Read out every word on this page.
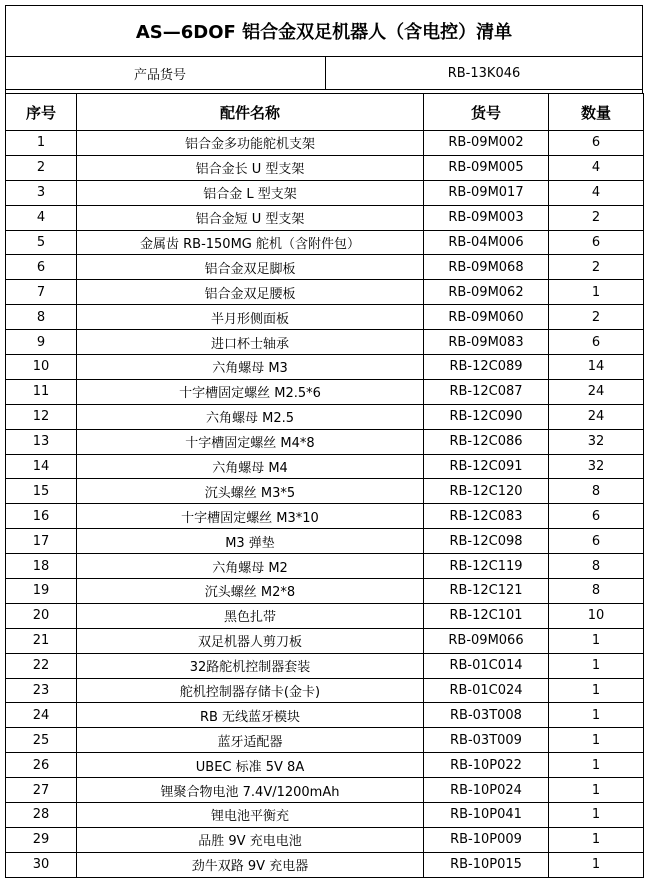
AS—6DOF 铝合金双足机器人（含电控）清单
产品货号	RB-13K046
序号	配件名称	货号	数量
1	铝合金多功能舵机支架	RB-09M002	6
2	铝合金长 U 型支架	RB-09M005	4
3	铝合金 L 型支架	RB-09M017	4
4	铝合金短 U 型支架	RB-09M003	2
5	金属齿 RB-150MG 舵机（含附件包）	RB-04M006	6
6	铝合金双足脚板	RB-09M068	2
7	铝合金双足腰板	RB-09M062	1
8	半月形侧面板	RB-09M060	2
9	进口杯士轴承	RB-09M083	6
10	六角螺母 M3	RB-12C089	14
11	十字槽固定螺丝 M2.5*6	RB-12C087	24
12	六角螺母 M2.5	RB-12C090	24
13	十字槽固定螺丝 M4*8	RB-12C086	32
14	六角螺母 M4	RB-12C091	32
15	沉头螺丝 M3*5	RB-12C120	8
16	十字槽固定螺丝 M3*10	RB-12C083	6
17	M3 弹垫	RB-12C098	6
18	六角螺母 M2	RB-12C119	8
19	沉头螺丝 M2*8	RB-12C121	8
20	黑色扎带	RB-12C101	10
21	双足机器人剪刀板	RB-09M066	1
22	32路舵机控制器套装	RB-01C014	1
23	舵机控制器存储卡(金卡)	RB-01C024	1
24	RB 无线蓝牙模块	RB-03T008	1
25	蓝牙适配器	RB-03T009	1
26	UBEC 标准 5V 8A	RB-10P022	1
27	锂聚合物电池 7.4V/1200mAh	RB-10P024	1
28	锂电池平衡充	RB-10P041	1
29	品胜 9V 充电电池	RB-10P009	1
30	劲牛双路 9V 充电器	RB-10P015	1
